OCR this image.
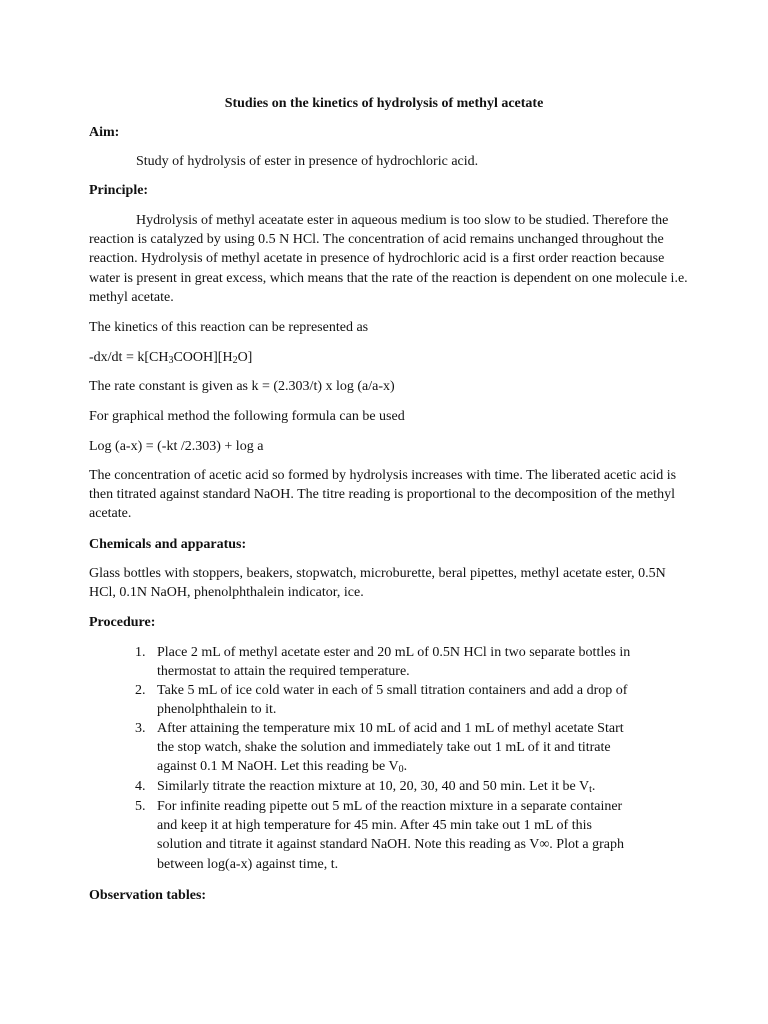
Studies on the kinetics of hydrolysis of methyl acetate
Aim:
Study of hydrolysis of ester in presence of hydrochloric acid.
Principle:
Hydrolysis of methyl aceatate ester in aqueous medium is too slow to be studied. Therefore the reaction is catalyzed by using 0.5 N HCl. The concentration of acid remains unchanged throughout the reaction. Hydrolysis of methyl acetate in presence of hydrochloric acid is a first order reaction because water is present in great excess, which means that the rate of the reaction is dependent on one molecule i.e. methyl acetate.
The kinetics of this reaction can be represented as
$-dx/dt = k[CH_3COOH][H_2O]$
The rate constant is given as k = (2.303/t) x log (a/a-x)
For graphical method the following formula can be used
Log (a-x) = (-kt /2.303) + log a
The concentration of acetic acid so formed by hydrolysis increases with time. The liberated acetic acid is then titrated against standard NaOH. The titre reading is proportional to the decomposition of the methyl acetate.
Chemicals and apparatus:
Glass bottles with stoppers, beakers, stopwatch, microburette, beral pipettes, methyl acetate ester, 0.5N HCl, 0.1N NaOH, phenolphthalein indicator, ice.
Procedure:
1. Place 2 mL of methyl acetate ester and 20 mL of 0.5N HCl in two separate bottles in
thermostat to attain the required temperature.
2. Take 5 mL of ice cold water in each of 5 small titration containers and add a drop of
phenolphthalein to it.
3. After attaining the temperature mix 10 mL of acid and 1 mL of methyl acetate Start
the stop watch, shake the solution and immediately take out 1 mL of it and titrate
against 0.1 M NaOH. Let this reading be $V_0$.
4. Similarly titrate the reaction mixture at 10, 20, 30, 40 and 50 min. Let it be $V_t$.
5. For infinite reading pipette out 5 mL of the reaction mixture in a separate container
and keep it at high temperature for 45 min. After 45 min take out 1 mL of this
solution and titrate it against standard NaOH. Note this reading as V∞. Plot a graph
between log(a-x) against time, t.
Observation tables:
